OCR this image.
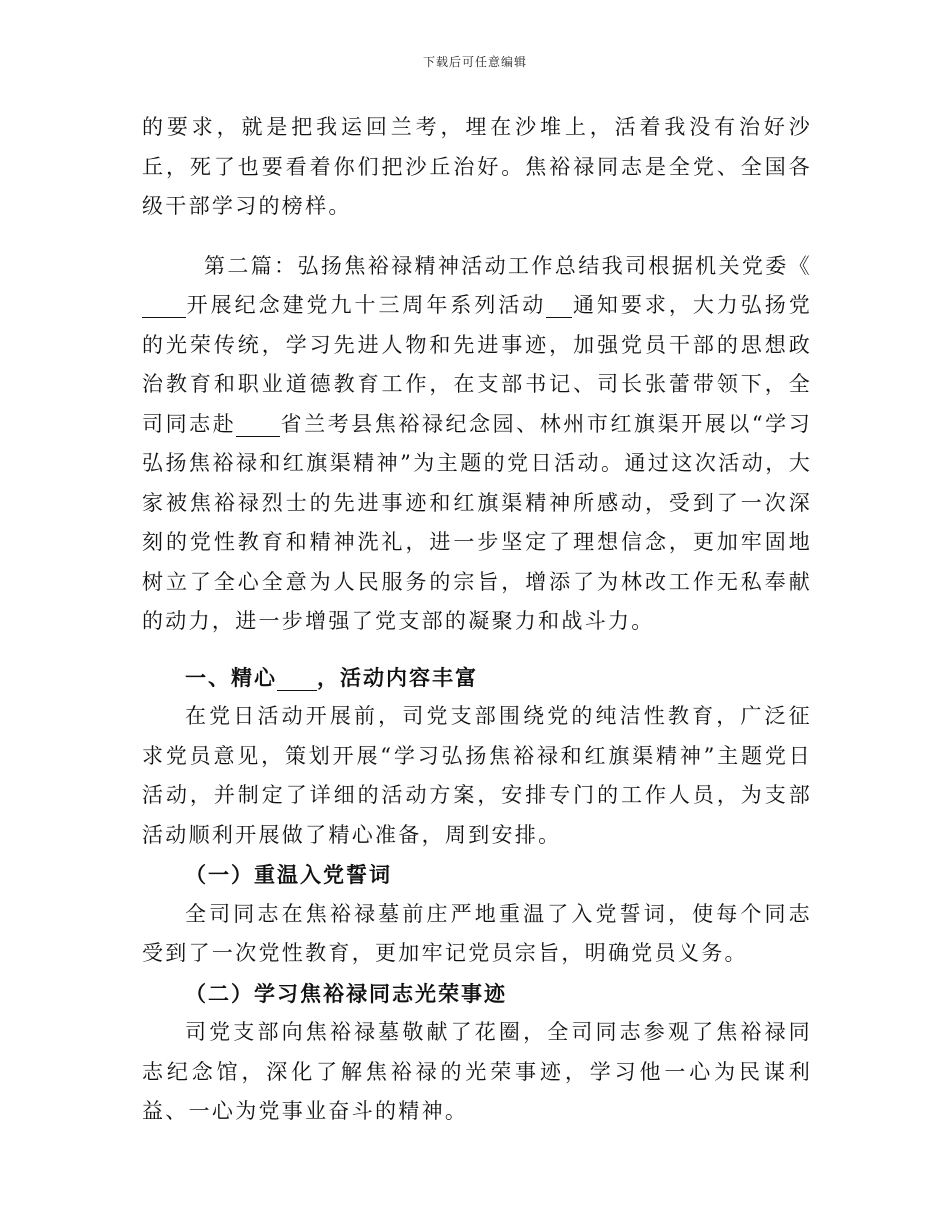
下载后可任意编辑

的要求，就是把我运回兰考，埋在沙堆上，活着我没有治好沙丘，死了也要看着你们把沙丘治好。焦裕禄同志是全党、全国各级干部学习的榜样。

第二篇：弘扬焦裕禄精神活动工作总结我司根据机关党委《开展纪念建党九十三周年系列活动 通知要求，大力弘扬党的光荣传统，学习先进人物和先进事迹，加强党员干部的思想政治教育和职业道德教育工作，在支部书记、司长张蕾带领下，全司同志赴 省兰考县焦裕禄纪念园、林州市红旗渠开展以“学习弘扬焦裕禄和红旗渠精神”为主题的党日活动。通过这次活动，大家被焦裕禄烈士的先进事迹和红旗渠精神所感动，受到了一次深刻的党性教育和精神洗礼，进一步坚定了理想信念，更加牢固地树立了全心全意为人民服务的宗旨，增添了为林改工作无私奉献的动力，进一步增强了党支部的凝聚力和战斗力。

一、精心 ，活动内容丰富

在党日活动开展前，司党支部围绕党的纯洁性教育，广泛征求党员意见，策划开展“学习弘扬焦裕禄和红旗渠精神”主题党日活动，并制定了详细的活动方案，安排专门的工作人员，为支部活动顺利开展做了精心准备，周到安排。

（一）重温入党誓词

全司同志在焦裕禄墓前庄严地重温了入党誓词，使每个同志受到了一次党性教育，更加牢记党员宗旨，明确党员义务。

（二）学习焦裕禄同志光荣事迹

司党支部向焦裕禄墓敬献了花圈，全司同志参观了焦裕禄同志纪念馆，深化了解焦裕禄的光荣事迹，学习他一心为民谋利益、一心为党事业奋斗的精神。
